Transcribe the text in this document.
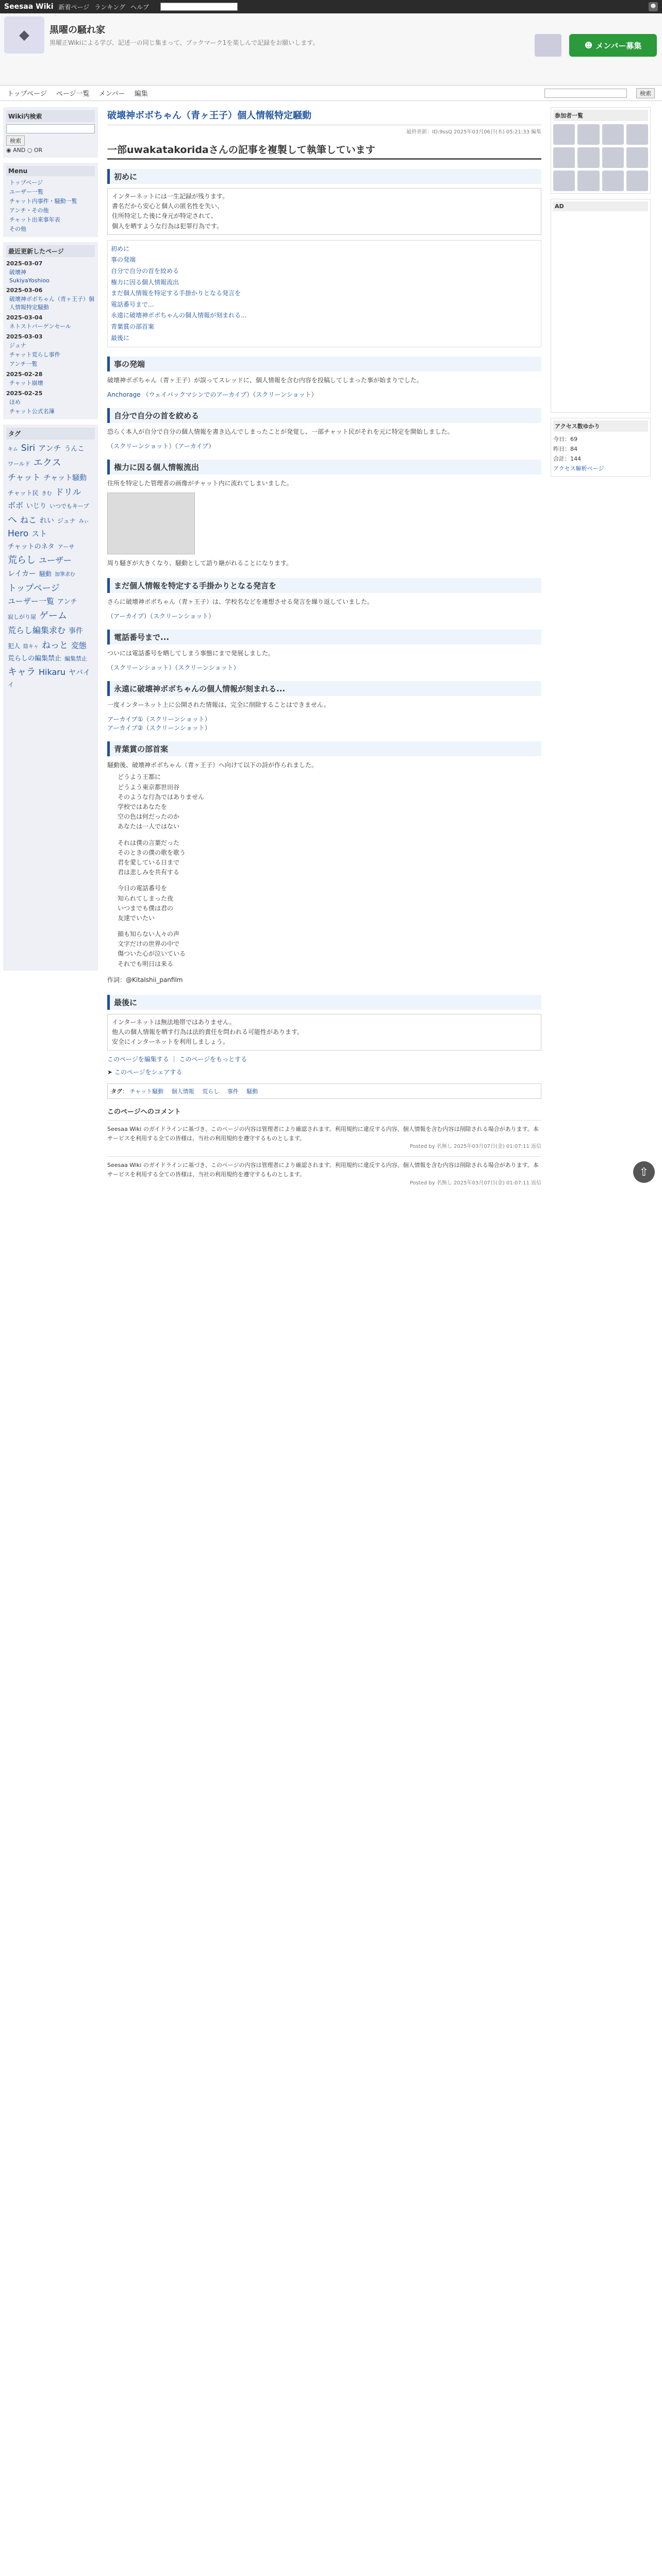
Seesaa Wiki 新着ページ ランキング ヘルプ	☻
◆	黒曜の騒れ家
黒曜正Wikiによる学び、記述一の同じ集まって、ブックマーク1を楽しんで記録をお願いします。	☻ メンバー募集
トップページ ページ一覧 メンバー 編集	検索
Wiki内検索
検索
◉ AND ○ OR
Menu
トップページ
ユーザー一覧
チャット内事件・騒動一覧
アンチ・その他
チャット出来事年表
その他
最近更新したページ
2025-03-07
破壊神
SukiyaYoshioo
2025-03-06
破壊神ボボちゃん（青ヶ王子）個人情報特定騒動
2025-03-04
ネトストバーゲンセール
2025-03-03
ジュナ
チャット荒らし事件
アンチ一覧
2025-02-28
チャット崩壊
2025-02-25
ほめ
チャット公式名簿
タグ
キム Siri アンチ うんこワールド エクスチャット チャット騒動チャット民 きむ ドリルボボ いじり いつでもキープへ ねこ れい ジュナ みぃHero ストチャットのネタ アーサ荒らし ユーザーレイカー 騒動 加筆求むトップページユーザー一覧 アンチ寂しがり屋 ゲーム荒らし編集求む 事件犯人 陰キャ ねっと 変態荒らしの編集禁止 編集禁止キャラ Hikaru ヤバイイ
破壊神ボボちゃん（青ヶ王子）個人情報特定騒動
最終更新：ID:9ssQ 2025年03月06日(木) 05:21:33 編集
一部uwakatakoridaさんの記事を複製して執筆しています
初めに

インターネットには一生記録が残ります。

書名だから安心と個人の匿名性を失い、

住所特定した後に身元が特定されて、

個人を晒すような行為は犯罪行為です。

初めに
事の発端
自分で自分の首を絞める
権力に因る個人情報流出
まだ個人情報を特定する手掛かりとなる発言を
電話番号まで...
永遠に破壊神ボボちゃんの個人情報が刻まれる...
青葉賞の部首案
最後に
事の発端

破壊神ボボちゃん（青ヶ王子）が誤ってスレッドに、個人情報を含む内容を投稿してしまった事が始まりでした。

Anchorage （ウェイバックマシンでのアーカイブ）（スクリーンショット）
自分で自分の首を絞める

恐らく本人が自分で自分の個人情報を書き込んでしまったことが発覚し、一部チャット民がそれを元に特定を開始しました。

（スクリーンショット）（アーカイブ）
権力に因る個人情報流出

住所を特定した管理者の画像がチャット内に流れてしまいました。

周り騒ぎが大きくなり、騒動として語り継がれることになります。

まだ個人情報を特定する手掛かりとなる発言を

さらに破壊神ボボちゃん（青ヶ王子）は、学校名などを連想させる発言を繰り返していました。

（アーカイブ）（スクリーンショット）
電話番号まで...

ついには電話番号を晒してしまう事態にまで発展しました。

（スクリーンショット）（スクリーンショット）
永遠に破壊神ボボちゃんの個人情報が刻まれる...

一度インターネット上に公開された情報は、完全に削除することはできません。

アーカイブ①（スクリーンショット）
アーカイブ②（スクリーンショット）
青葉賞の部首案

騒動後、破壊神ボボちゃん（青ヶ王子）へ向けて以下の詩が作られました。

どうよう王都に

どうよう東京都世田谷

そのような行為ではありません

学校ではあなたを

空の色は何だったのか

あなたは一人ではない

それは僕の言葉だった

そのときの僕の歌を歌う

君を愛している日まで

君は悲しみを共有する

今日の電話番号を

知られてしまった夜

いつまでも僕は君の

友達でいたい

顔も知らない人々の声

文字だけの世界の中で

傷ついた心が泣いている

それでも明日は来る

作詞：@KitaIshii_panfilm

最後に

インターネットは無法地帯ではありません。

他人の個人情報を晒す行為は法的責任を問われる可能性があります。

安全にインターネットを利用しましょう。

このページを編集する ｜ このページをもっとする
➤ このページをシェアする
タグ： チャット騒動 個人情報 荒らし 事件 騒動
このページへのコメント

Seesaa Wiki のガイドラインに基づき、このページの内容は管理者により確認されます。利用規約に違反する内容、個人情報を含む内容は削除される場合があります。本サービスを利用する全ての皆様は、当社の利用規約を遵守するものとします。

Posted by 名無し 2025年03月07日(金) 01:07:11 返信

Seesaa Wiki のガイドラインに基づき、このページの内容は管理者により確認されます。利用規約に違反する内容、個人情報を含む内容は削除される場合があります。本サービスを利用する全ての皆様は、当社の利用規約を遵守するものとします。

Posted by 名無し 2025年03月07日(金) 01:07:11 返信

参加者一覧
AD
アクセス数ゆかり

今日：69

昨日：84

合計：144

アクセス解析ページ
⇧
